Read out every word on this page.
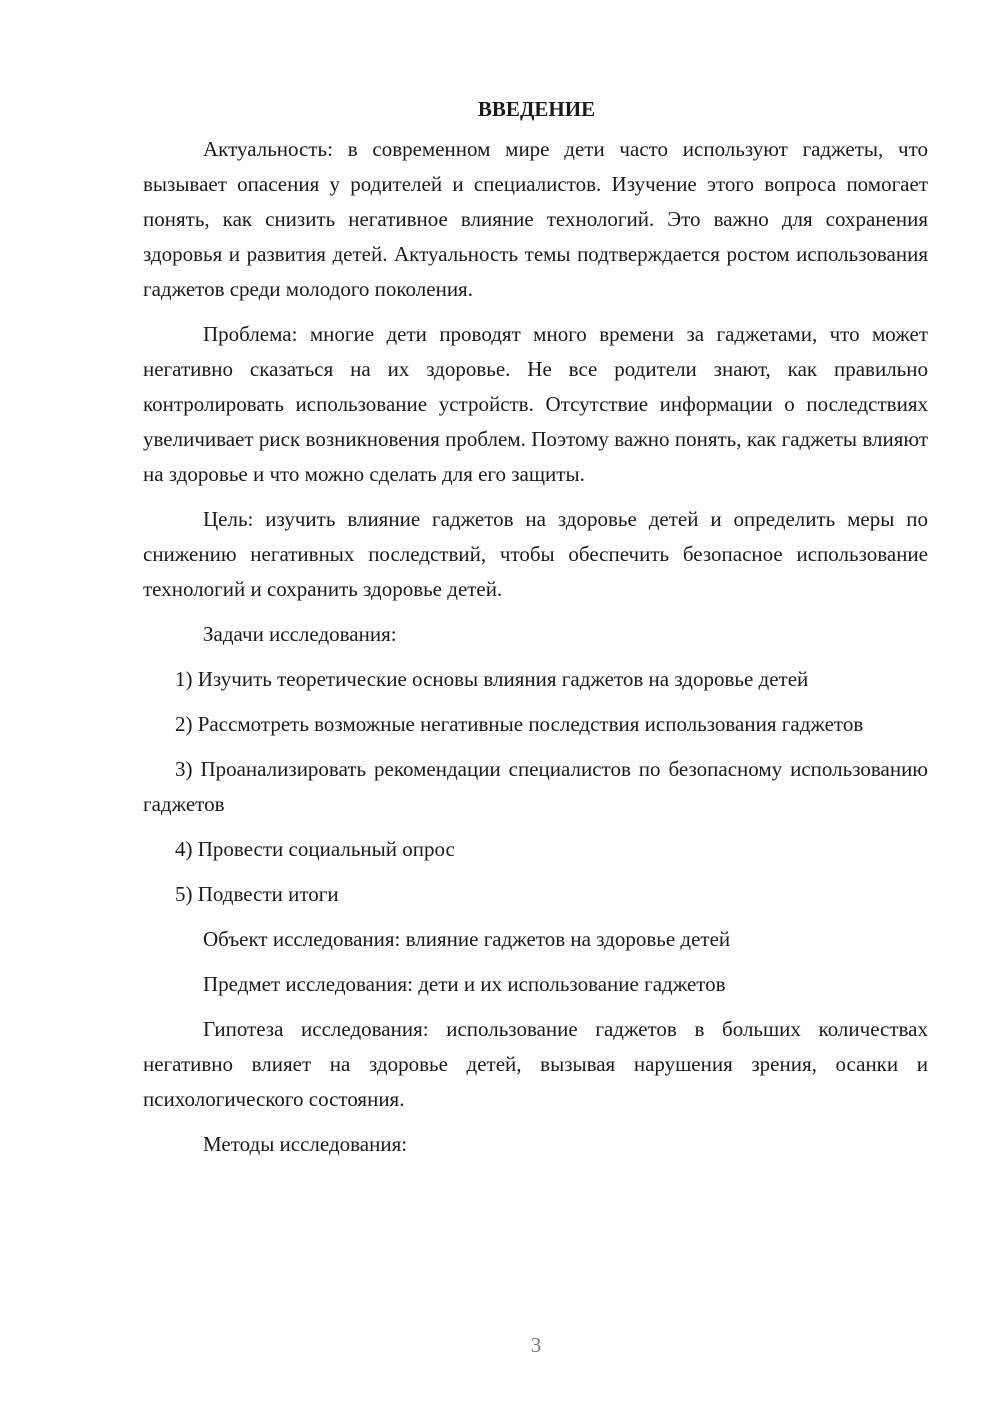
ВВЕДЕНИЕ

Актуальность: в современном мире дети часто используют гаджеты, что вызывает опасения у родителей и специалистов. Изучение этого вопроса помогает понять, как снизить негативное влияние технологий. Это важно для сохранения здоровья и развития детей. Актуальность темы подтверждается ростом использования гаджетов среди молодого поколения.

Проблема: многие дети проводят много времени за гаджетами, что может негативно сказаться на их здоровье. Не все родители знают, как правильно контролировать использование устройств. Отсутствие информации о последствиях увеличивает риск возникновения проблем. Поэтому важно понять, как гаджеты влияют на здоровье и что можно сделать для его защиты.

Цель: изучить влияние гаджетов на здоровье детей и определить меры по снижению негативных последствий, чтобы обеспечить безопасное использование технологий и сохранить здоровье детей.

Задачи исследования:

1) Изучить теоретические основы влияния гаджетов на здоровье детей

2) Рассмотреть возможные негативные последствия использования гаджетов

3) Проанализировать рекомендации специалистов по безопасному использованию гаджетов

4) Провести социальный опрос

5) Подвести итоги

Объект исследования: влияние гаджетов на здоровье детей

Предмет исследования: дети и их использование гаджетов

Гипотеза исследования: использование гаджетов в больших количествах негативно влияет на здоровье детей, вызывая нарушения зрения, осанки и психологического состояния.

Методы исследования:

3
